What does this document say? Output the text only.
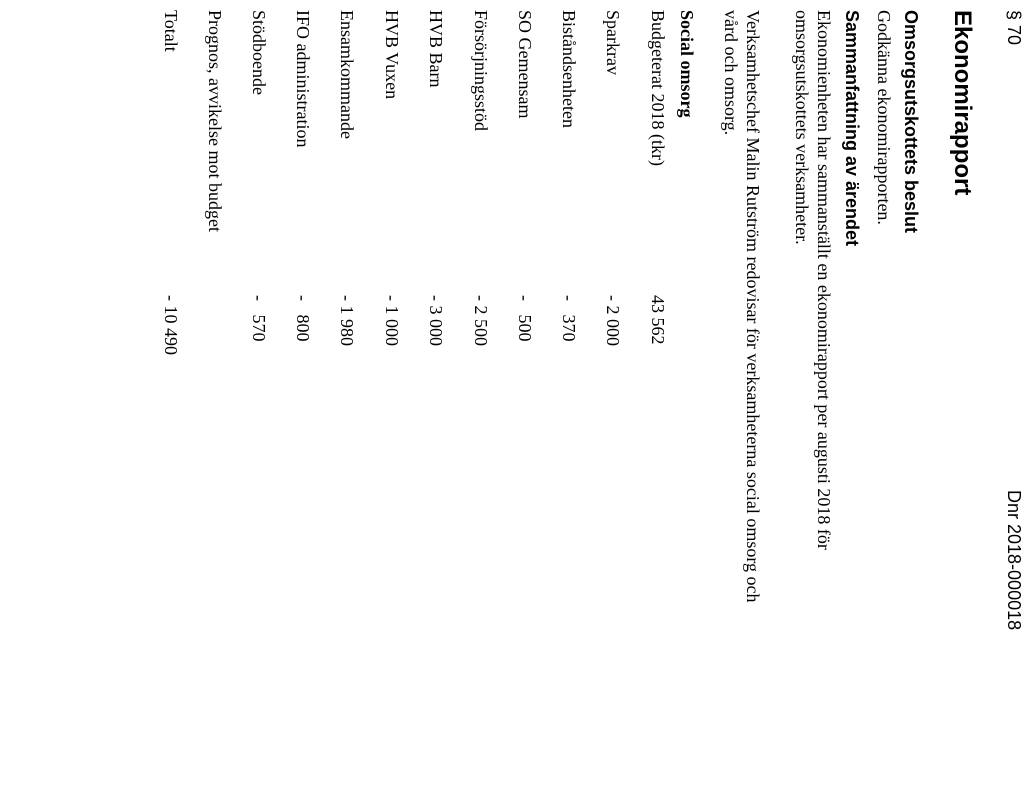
§ 70
Dnr 2018-000018
Ekonomirapport
Omsorgsutskottets beslut
Godkänna ekonomirapporten.
Sammanfattning av ärendet
Ekonomienheten har sammanställt en ekonomirapport per augusti 2018 för
omsorgsutskottets verksamheter.
Verksamhetschef Malin Rutström redovisar för verksamheterna social omsorg och
vård och omsorg.
Social omsorg
Budgeterat 2018 (tkr)
43 562
Sparkrav
- 2 000
Biståndsenheten
-   370
SO Gemensam
-   500
Försörjningsstöd
- 2 500
HVB Barn
- 3 000
HVB Vuxen
- 1 000
Ensamkommande
- 1 980
IFO administration
-   800
Stödboende
-   570
Prognos, avvikelse mot budget
Totalt
- 10 490
